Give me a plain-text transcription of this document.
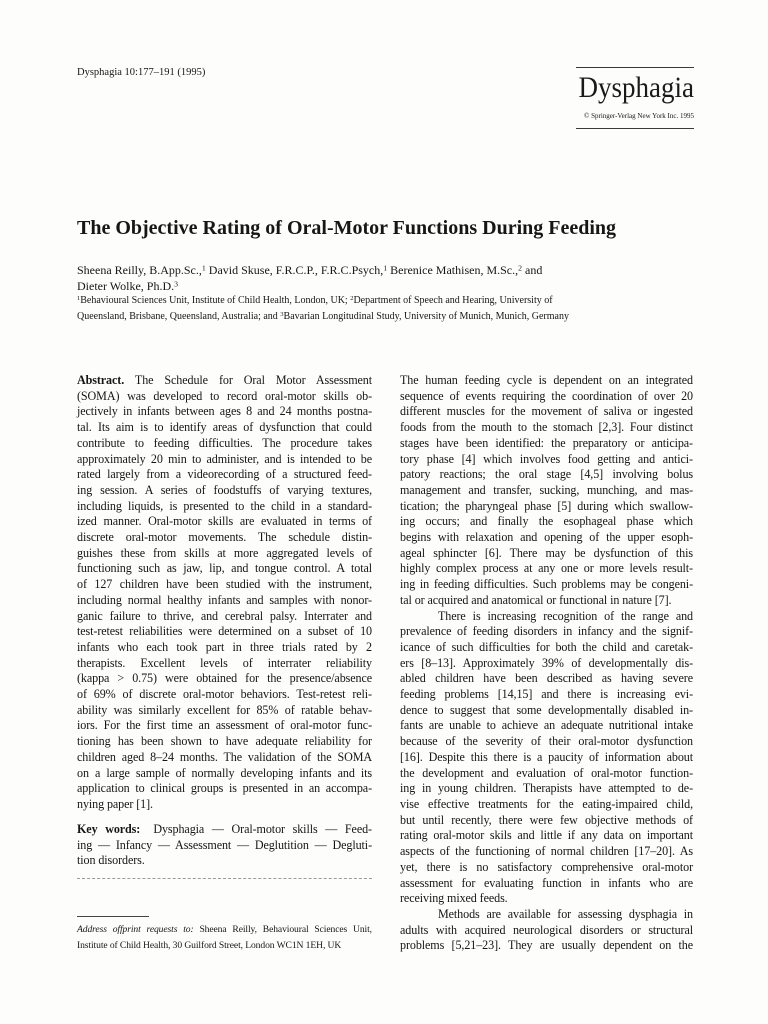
Dysphagia 10:177–191 (1995)	Dysphagia
© Springer-Verlag New York Inc. 1995
The Objective Rating of Oral-Motor Functions During Feeding
Sheena Reilly, B.App.Sc.,$^1$ David Skuse, F.R.C.P., F.R.C.Psych,$^1$ Berenice Mathisen, M.Sc.,$^2$ and
Dieter Wolke, Ph.D.$^3$
$^1$Behavioural Sciences Unit, Institute of Child Health, London, UK; $^2$Department of Speech and Hearing, University of
Queensland, Brisbane, Queensland, Australia; and $^3$Bavarian Longitudinal Study, University of Munich, Munich, Germany
Abstract. The Schedule for Oral Motor Assessment
(SOMA) was developed to record oral-motor skills ob-
jectively in infants between ages 8 and 24 months postna-
tal. Its aim is to identify areas of dysfunction that could
contribute to feeding difficulties. The procedure takes
approximately 20 min to administer, and is intended to be
rated largely from a videorecording of a structured feed-
ing session. A series of foodstuffs of varying textures,
including liquids, is presented to the child in a standard-
ized manner. Oral-motor skills are evaluated in terms of
discrete oral-motor movements. The schedule distin-
guishes these from skills at more aggregated levels of
functioning such as jaw, lip, and tongue control. A total
of 127 children have been studied with the instrument,
including normal healthy infants and samples with nonor-
ganic failure to thrive, and cerebral palsy. Interrater and
test-retest reliabilities were determined on a subset of 10
infants who each took part in three trials rated by 2
therapists. Excellent levels of interrater reliability
(kappa > 0.75) were obtained for the presence/absence
of 69% of discrete oral-motor behaviors. Test-retest reli-
ability was similarly excellent for 85% of ratable behav-
iors. For the first time an assessment of oral-motor func-
tioning has been shown to have adequate reliability for
children aged 8–24 months. The validation of the SOMA
on a large sample of normally developing infants and its
application to clinical groups is presented in an accompa-
nying paper [1].
Key words: Dysphagia — Oral-motor skills — Feed-
ing — Infancy — Assessment — Deglutition — Degluti-
tion disorders.
Address offprint requests to: Sheena Reilly, Behavioural Sciences Unit,
Institute of Child Health, 30 Guilford Street, London WC1N 1EH, UK
The human feeding cycle is dependent on an integrated
sequence of events requiring the coordination of over 20
different muscles for the movement of saliva or ingested
foods from the mouth to the stomach [2,3]. Four distinct
stages have been identified: the preparatory or anticipa-
tory phase [4] which involves food getting and antici-
patory reactions; the oral stage [4,5] involving bolus
management and transfer, sucking, munching, and mas-
tication; the pharyngeal phase [5] during which swallow-
ing occurs; and finally the esophageal phase which
begins with relaxation and opening of the upper esoph-
ageal sphincter [6]. There may be dysfunction of this
highly complex process at any one or more levels result-
ing in feeding difficulties. Such problems may be congeni-
tal or acquired and anatomical or functional in nature [7].
There is increasing recognition of the range and
prevalence of feeding disorders in infancy and the signif-
icance of such difficulties for both the child and caretak-
ers [8–13]. Approximately 39% of developmentally dis-
abled children have been described as having severe
feeding problems [14,15] and there is increasing evi-
dence to suggest that some developmentally disabled in-
fants are unable to achieve an adequate nutritional intake
because of the severity of their oral-motor dysfunction
[16]. Despite this there is a paucity of information about
the development and evaluation of oral-motor function-
ing in young children. Therapists have attempted to de-
vise effective treatments for the eating-impaired child,
but until recently, there were few objective methods of
rating oral-motor skils and little if any data on important
aspects of the functioning of normal children [17–20]. As
yet, there is no satisfactory comprehensive oral-motor
assessment for evaluating function in infants who are
receiving mixed feeds.
Methods are available for assessing dysphagia in
adults with acquired neurological disorders or structural
problems [5,21–23]. They are usually dependent on the
